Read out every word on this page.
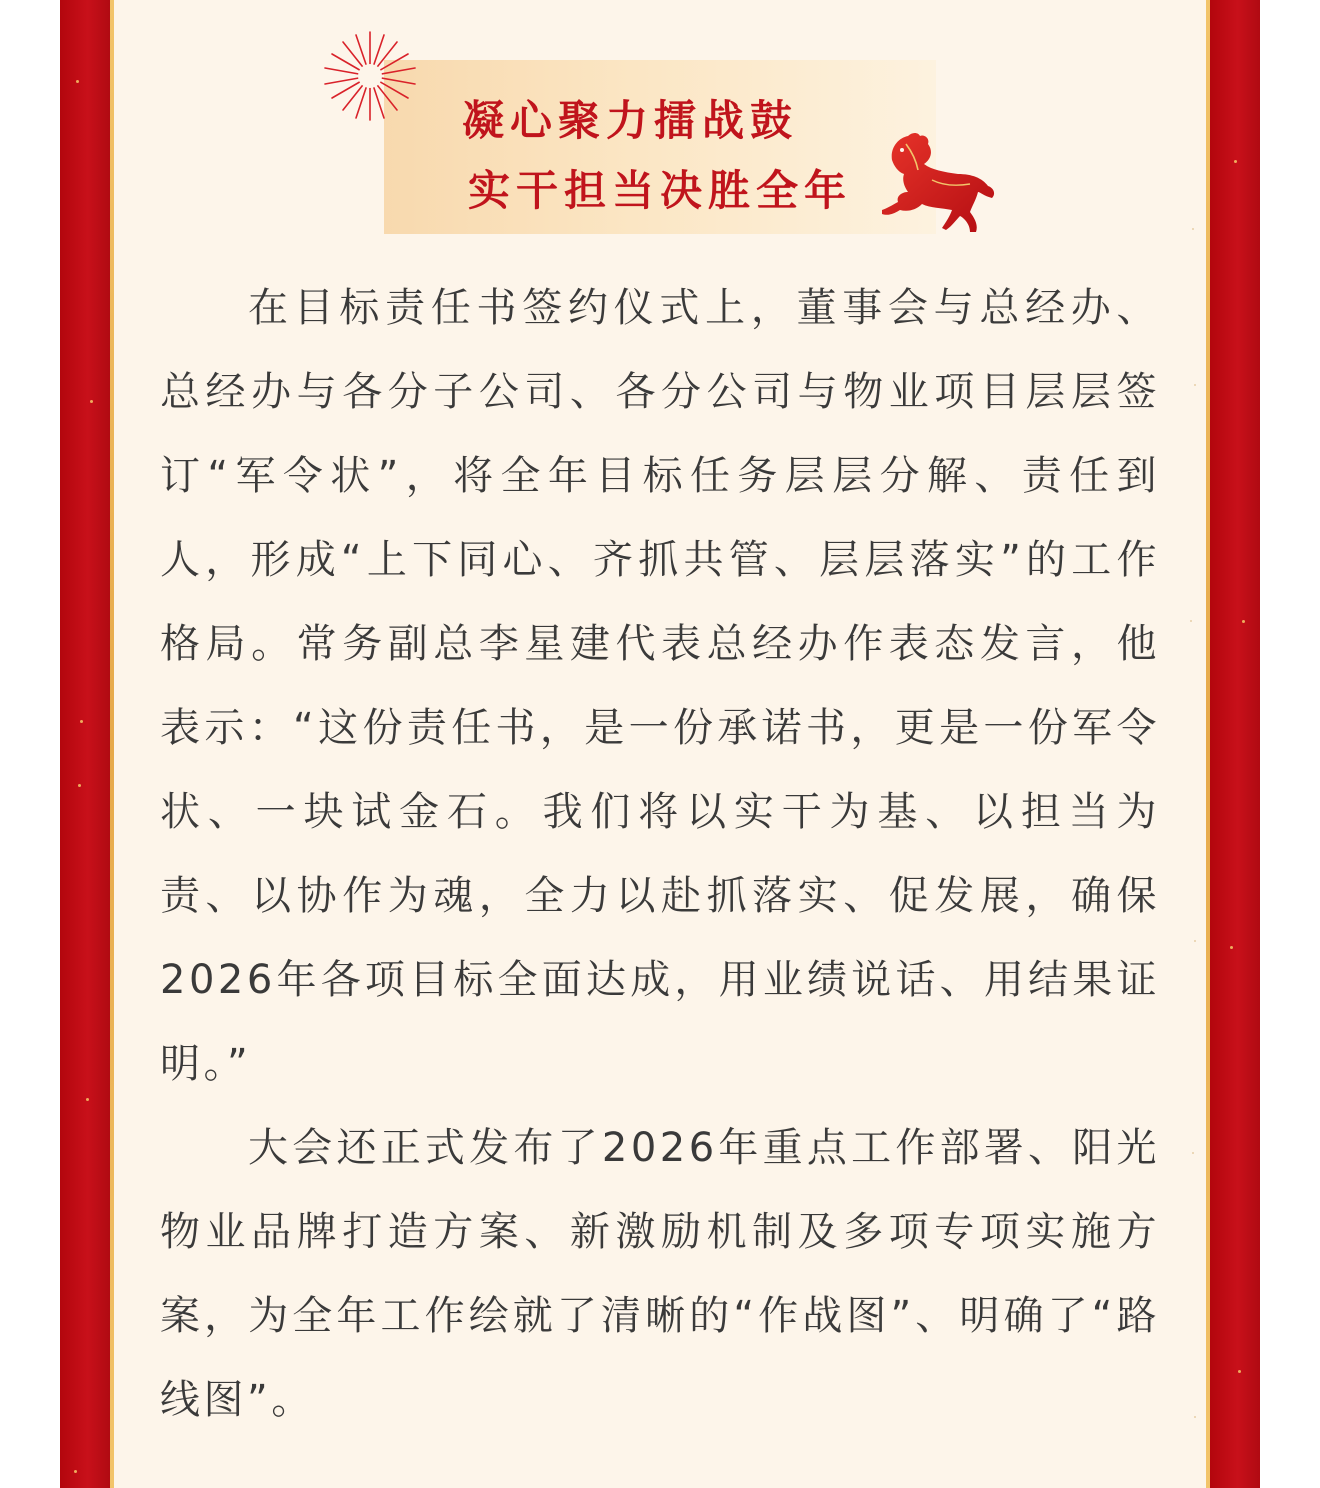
凝心聚力擂战鼓
实干担当决胜全年

在目标责任书签约仪式上，董事会与总经办、总经办与各分子公司、各分公司与物业项目层层签订“军令状”，将全年目标任务层层分解、责任到人，形成“上下同心、齐抓共管、层层落实”的工作格局。常务副总李星建代表总经办作表态发言，他表示：“这份责任书，是一份承诺书，更是一份军令状、一块试金石。我们将以实干为基、以担当为责、以协作为魂，全力以赴抓落实、促发展，确保2026年各项目标全面达成，用业绩说话、用结果证明。”

大会还正式发布了2026年重点工作部署、阳光物业品牌打造方案、新激励机制及多项专项实施方案，为全年工作绘就了清晰的“作战图”、明确了“路线图”。
